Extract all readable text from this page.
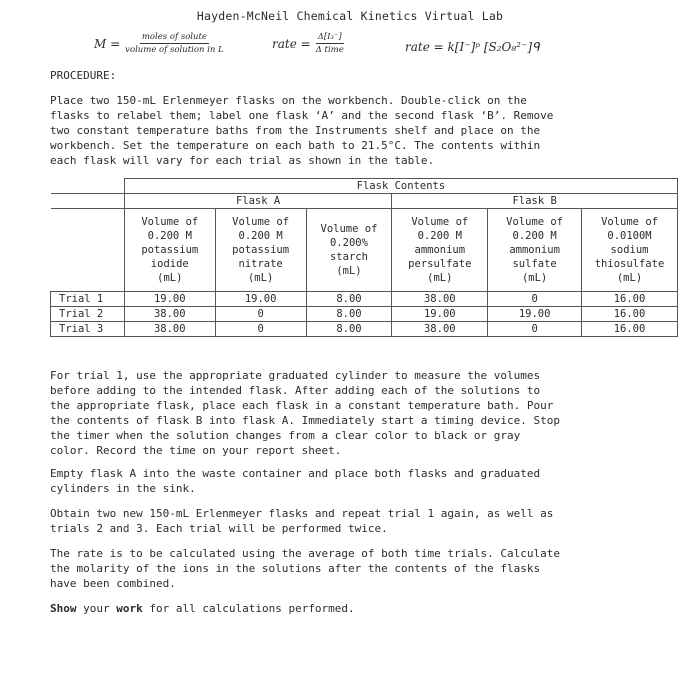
Hayden-McNeil Chemical Kinetics Virtual Lab
$M = \frac{\text{moles of solute}}{\text{volume of solution in L}}$	rate = $\frac{\text{Δ[I₃⁻]}}{\text{Δ time}}$	rate = k[I⁻]ᵖ [S₂O₈²⁻]ᑫ
PROCEDURE:
Place two 150-mL Erlenmeyer flasks on the workbench. Double-click on the
flasks to relabel them; label one flask ‘A’ and the second flask ‘B’. Remove
two constant temperature baths from the Instruments shelf and place on the
workbench. Set the temperature on each bath to 21.5°C. The contents within
each flask will vary for each trial as shown in the table.
	Flask Contents					
	Flask A			Flask B		
	Volume of
0.200 M
potassium
iodide
(mL)	Volume of
0.200 M
potassium
nitrate
(mL)	Volume of
0.200%
starch
(mL)	Volume of
0.200 M
ammonium
persulfate
(mL)	Volume of
0.200 M
ammonium
sulfate
(mL)	Volume of
0.0100M
sodium
thiosulfate
(mL)
Trial 1	19.00	19.00	8.00	38.00	0	16.00
Trial 2	38.00	0	8.00	19.00	19.00	16.00
Trial 3	38.00	0	8.00	38.00	0	16.00
For trial 1, use the appropriate graduated cylinder to measure the volumes
before adding to the intended flask. After adding each of the solutions to
the appropriate flask, place each flask in a constant temperature bath. Pour
the contents of flask B into flask A. Immediately start a timing device. Stop
the timer when the solution changes from a clear color to black or gray
color. Record the time on your report sheet.
Empty flask A into the waste container and place both flasks and graduated
cylinders in the sink.
Obtain two new 150-mL Erlenmeyer flasks and repeat trial 1 again, as well as
trials 2 and 3. Each trial will be performed twice.
The rate is to be calculated using the average of both time trials. Calculate
the molarity of the ions in the solutions after the contents of the flasks
have been combined.
Show your work for all calculations performed.
